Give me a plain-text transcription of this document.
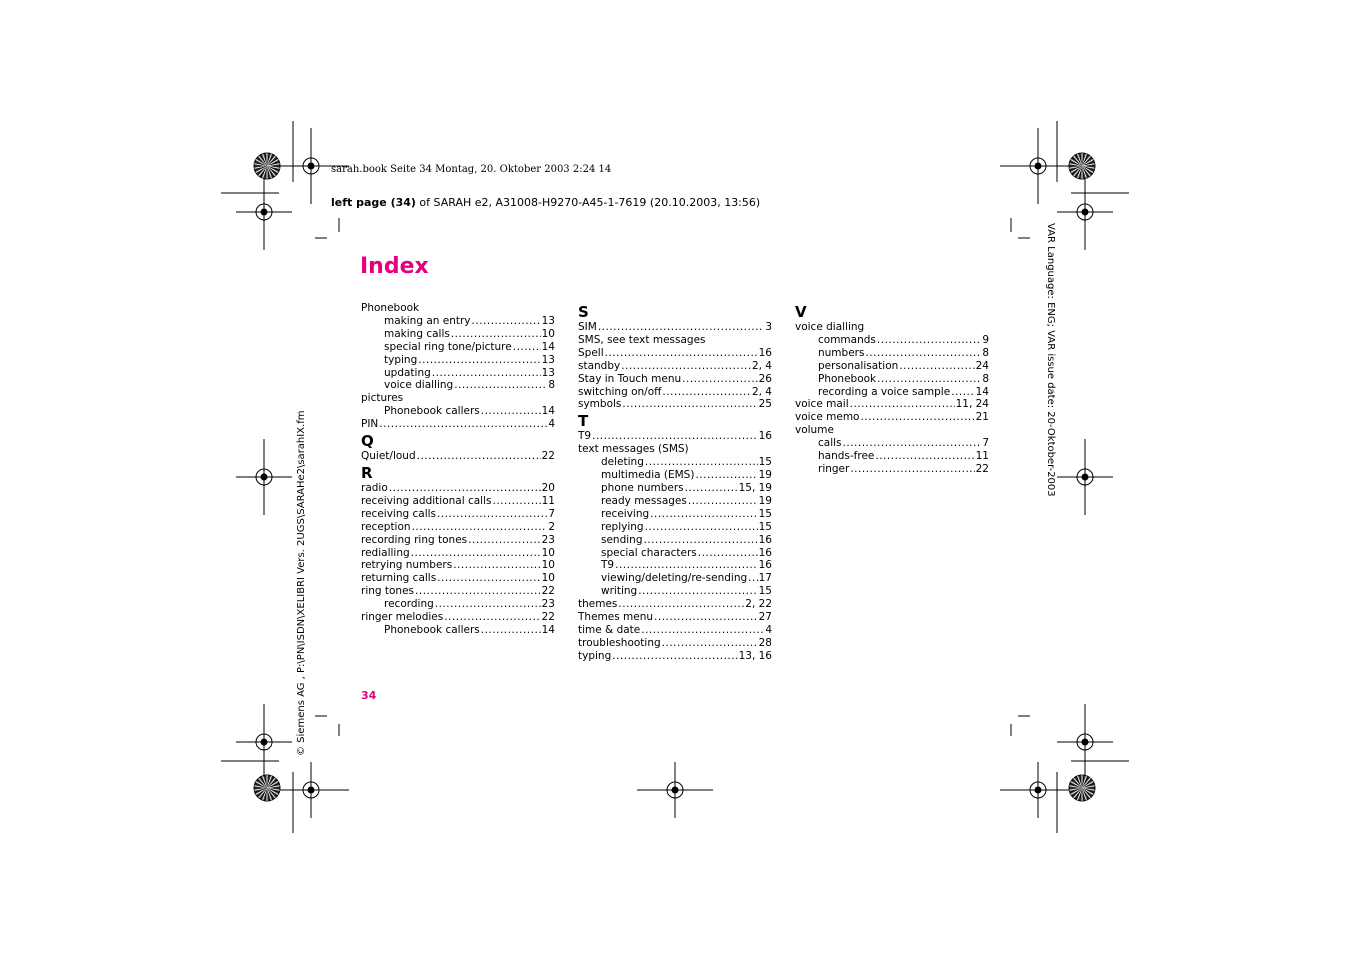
sarah.book Seite 34 Montag, 20. Oktober 2003 2:24 14
left page (34) of SARAH e2, A31008-H9270-A45-1-7619 (20.10.2003, 13:56)
Index
Phonebook
making an entry .....	13
making calls .....	10
special ring tone/picture .....	14
typing .....	13
updating .....	13
voice dialling .....	8
pictures
Phonebook callers .....	14
PIN .....	4
Q
Quiet/loud .....	22
R
radio .....	20
receiving additional calls .....	11
receiving calls .....	7
reception .....	2
recording ring tones .....	23
redialling .....	10
retrying numbers .....	10
returning calls .....	10
ring tones .....	22
recording .....	23
ringer melodies .....	22
Phonebook callers .....	14
S
SIM .....	3
SMS, see text messages
Spell .....	16
standby .....	2, 4
Stay in Touch menu .....	26
switching on/off .....	2, 4
symbols .....	25
T
T9 .....	16
text messages (SMS)
deleting .....	15
multimedia (EMS) .....	19
phone numbers .....	15, 19
ready messages .....	19
receiving .....	15
replying .....	15
sending .....	16
special characters .....	16
T9 .....	16
viewing/deleting/re-sending ..... 17
writing .....	15
themes .....	2, 22
Themes menu .....	27
time & date .....	4
troubleshooting .....	28
typing .....	13, 16
V
voice dialling
commands .....	9
numbers .....	8
personalisation .....	24
Phonebook .....	8
recording a voice sample ..... 14
voice mail .....	11, 24
voice memo .....	21
volume
calls .....	7
hands-free .....	11
ringer .....	22
34
© Siemens AG , P:\PN\ISDN\XELIBRI Vers. 2UGS\SARAHe2\sarahIX.fm
VAR Language: ENG; VAR issue date: 20-Oktober-2003
